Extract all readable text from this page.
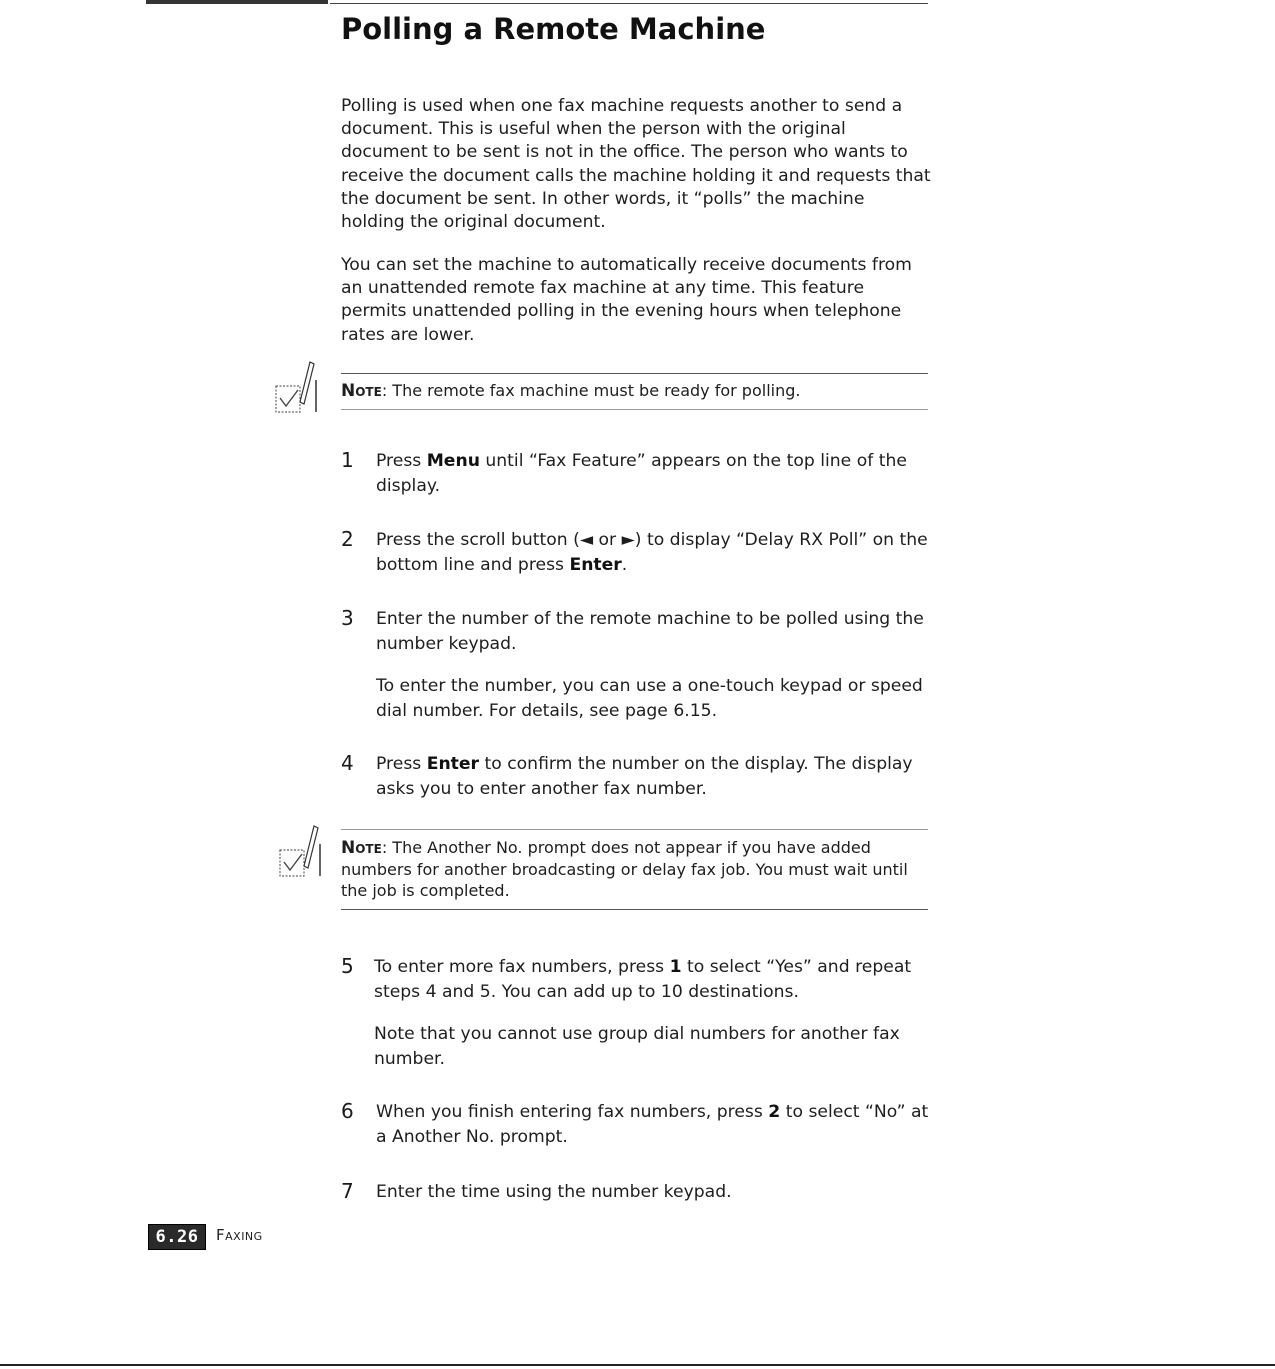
Polling a Remote Machine

Polling is used when one fax machine requests another to send a document. This is useful when the person with the original document to be sent is not in the office. The person who wants to receive the document calls the machine holding it and requests that the document be sent. In other words, it “polls” the machine holding the original document.

You can set the machine to automatically receive documents from an unattended remote fax machine at any time. This feature permits unattended polling in the evening hours when telephone rates are lower.

Note: The remote fax machine must be ready for polling.

1 Press Menu until “Fax Feature” appears on the top line of the display.

2 Press the scroll button (◄ or ►) to display “Delay RX Poll” on the bottom line and press Enter.

3 Enter the number of the remote machine to be polled using the number keypad.

To enter the number, you can use a one-touch keypad or speed dial number. For details, see page 6.15.

4 Press Enter to confirm the number on the display. The display asks you to enter another fax number.

Note: The Another No. prompt does not appear if you have added numbers for another broadcasting or delay fax job. You must wait until the job is completed.

5 To enter more fax numbers, press 1 to select “Yes” and repeat steps 4 and 5. You can add up to 10 destinations.

Note that you cannot use group dial numbers for another fax number.

6 When you finish entering fax numbers, press 2 to select “No” at a Another No. prompt.

7 Enter the time using the number keypad.

6.26	Faxing
